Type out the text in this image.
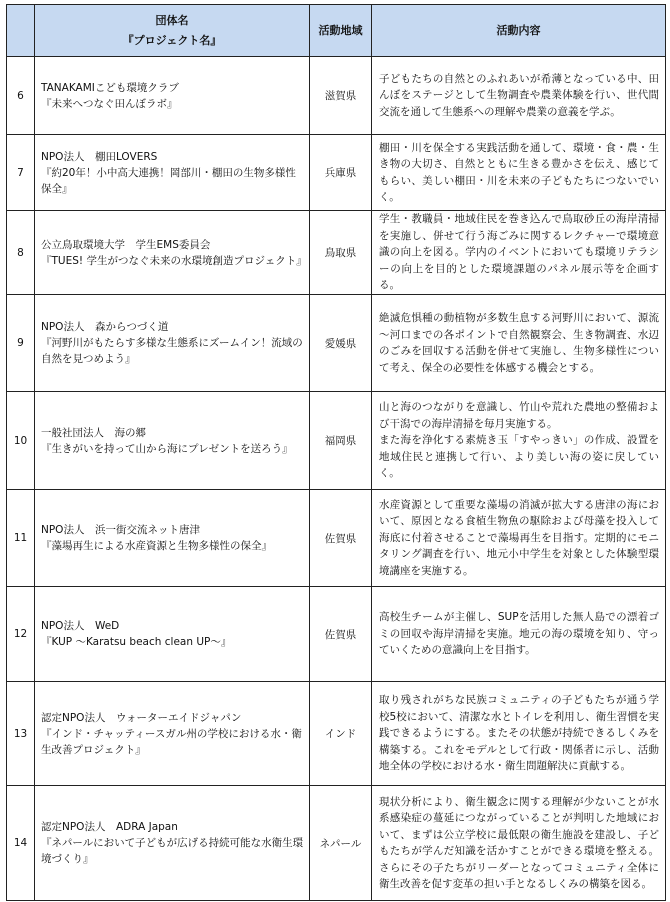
	団体名
『プロジェクト名』	活動地域	活動内容
6	TANAKAMIこども環境クラブ
『未来へつなぐ田んぼラボ』	滋賀県	子どもたちの自然とのふれあいが希薄となっている中、田んぼをステージとして生物調査や農業体験を行い、世代間交流を通して生態系への理解や農業の意義を学ぶ。
7	NPO法人　棚田LOVERS
『約20年！小中高大連携！岡部川・棚田の生物多様性保全』	兵庫県	棚田・川を保全する実践活動を通して、環境・食・農・生き物の大切さ、自然とともに生きる豊かさを伝え、感じてもらい、美しい棚田・川を未来の子どもたちにつないでいく。
8	公立鳥取環境大学　学生EMS委員会
『TUES! 学生がつなぐ未来の水環境創造プロジェクト』	鳥取県	学生・教職員・地域住民を巻き込んで鳥取砂丘の海岸清掃を実施し、併せて行う海ごみに関するレクチャーで環境意識の向上を図る。学内のイベントにおいても環境リテラシーの向上を目的とした環境課題のパネル展示等を企画する。
9	NPO法人　森からつづく道
『河野川がもたらす多様な生態系にズームイン！流域の自然を見つめよう』	愛媛県	絶滅危惧種の動植物が多数生息する河野川において、源流～河口までの各ポイントで自然観察会、生き物調査、水辺のごみを回収する活動を併せて実施し、生物多様性について考え、保全の必要性を体感する機会とする。
10	一般社団法人　海の郷
『生きがいを持って山から海にプレゼントを送ろう』	福岡県	山と海のつながりを意識し、竹山や荒れた農地の整備および干潟での海岸清掃を毎月実施する。
また海を浄化する素焼き玉「すやっきい」の作成、設置を地域住民と連携して行い、より美しい海の姿に戻していく。

11	NPO法人　浜一街交流ネット唐津
『藻場再生による水産資源と生物多様性の保全』	佐賀県	水産資源として重要な藻場の消滅が拡大する唐津の海において、原因となる食植生物魚の駆除および母藻を投入して海底に付着させることで藻場再生を目指す。定期的にモニタリング調査を行い、地元小中学生を対象とした体験型環境講座を実施する。
12	NPO法人　WeD
『KUP ～Karatsu beach clean UP～』	佐賀県	高校生チームが主催し、SUPを活用した無人島での漂着ゴミの回収や海岸清掃を実施。地元の海の環境を知り、守っていくための意識向上を目指す。
13	認定NPO法人　ウォーターエイドジャパン
『インド・チャッティースガル州の学校における水・衛生改善プロジェクト』	インド	取り残されがちな民族コミュニティの子どもたちが通う学校5校において、清潔な水とトイレを利用し、衛生習慣を実践できるようにする。またその状態が持続できるしくみを構築する。これをモデルとして行政・関係者に示し、活動地全体の学校における水・衛生問題解決に貢献する。
14	認定NPO法人　ADRA Japan
『ネパールにおいて子どもが広げる持続可能な水衛生環境づくり』	ネパール	現状分析により、衛生観念に関する理解が少ないことが水系感染症の蔓延につながっていることが判明した地域において、まずは公立学校に最低限の衛生施設を建設し、子どもたちが学んだ知識を活かすことができる環境を整える。さらにその子たちがリーダーとなってコミュニティ全体に衛生改善を促す変革の担い手となるしくみの構築を図る。
